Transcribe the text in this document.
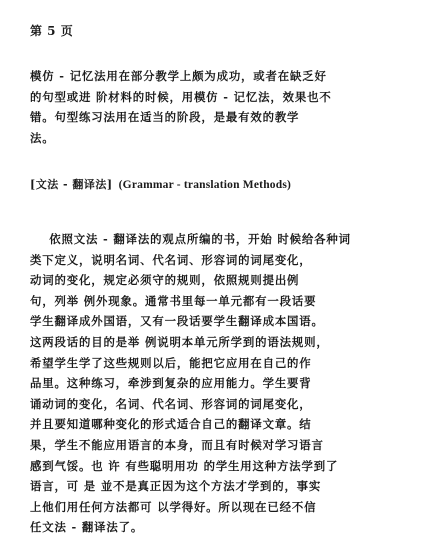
第 5 页
模仿 - 记忆法用在部分教学上颇为成功，或者在缺乏好
的句型或进 阶材料的时候，用模仿 - 记忆法，效果也不
错。句型练习法用在适当的阶段，是最有效的教学
法。
[文法 - 翻译法] (Grammar - translation Methods)
依照文法 - 翻译法的观点所编的书，开始 时候给各种词
类下定义，说明名词、代名词、形容词的词尾变化，
动词的变化，规定必须守的规则，依照规则提出例
句，列举 例外现象。通常书里每一单元都有一段话要
学生翻译成外国语，又有一段话要学生翻译成本国语。
这两段话的目的是举 例说明本单元所学到的语法规则，
希望学生学了这些规则以后，能把它应用在自己的作
品里。这种练习，牵涉到复杂的应用能力。学生要背
诵动词的变化，名词、代名词、形容词的词尾变化，
并且要知道哪种变化的形式适合自己的翻译文章。结
果，学生不能应用语言的本身，而且有时候对学习语言
感到气馁。也 许 有些聪明用功 的学生用这种方法学到了
语言，可 是 並不是真正因为这个方法才学到的，事实
上他们用任何方法都可 以学得好。所以现在已经不信
任文法 - 翻译法了。
